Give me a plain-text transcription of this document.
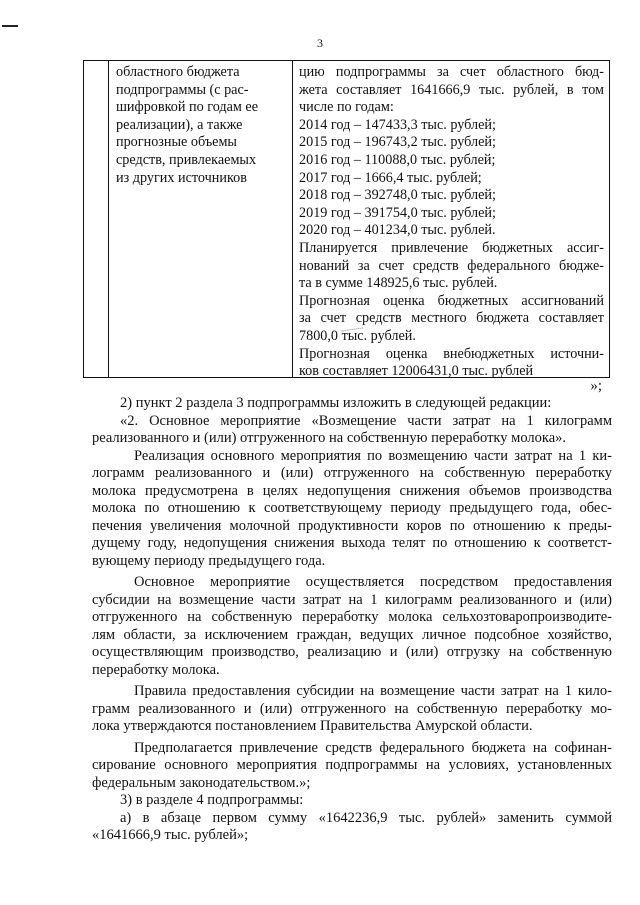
3
областного бюджета
подпрограммы (с рас-
шифровкой по годам ее
реализации), а также
прогнозные объемы
средств, привлекаемых
из других источников
цию подпрограммы за счет областного бюд-
жета составляет 1641666,9 тыс. рублей, в том
числе по годам:
2014 год – 147433,3 тыс. рублей;
2015 год – 196743,2 тыс. рублей;
2016 год – 110088,0 тыс. рублей;
2017 год – 1666,4 тыс. рублей;
2018 год – 392748,0 тыс. рублей;
2019 год – 391754,0 тыс. рублей;
2020 год – 401234,0 тыс. рублей.
Планируется привлечение бюджетных ассиг-
нований за счет средств федерального бюдже-
та в сумме 148925,6 тыс. рублей.
Прогнозная оценка бюджетных ассигнований
за счет средств местного бюджета составляет
7800,0 тыс. рублей.
Прогнозная оценка внебюджетных источни-
ков составляет 12006431,0 тыс. рублей
»;
2) пункт 2 раздела 3 подпрограммы изложить в следующей редакции:
«2. Основное мероприятие «Возмещение части затрат на 1 килограмм
реализованного и (или) отгруженного на собственную переработку молока».
Реализация основного мероприятия по возмещению части затрат на 1 ки-
лограмм реализованного и (или) отгруженного на собственную переработку
молока предусмотрена в целях недопущения снижения объемов производства
молока по отношению к соответствующему периоду предыдущего года, обес-
печения увеличения молочной продуктивности коров по отношению к преды-
дущему году, недопущения снижения выхода телят по отношению к соответст-
вующему периоду предыдущего года.
Основное мероприятие осуществляется посредством предоставления
субсидии на возмещение части затрат на 1 килограмм реализованного и (или)
отгруженного на собственную переработку молока сельхозтоваропроизводите-
лям области, за исключением граждан, ведущих личное подсобное хозяйство,
осуществляющим производство, реализацию и (или) отгрузку на собственную
переработку молока.
Правила предоставления субсидии на возмещение части затрат на 1 кило-
грамм реализованного и (или) отгруженного на собственную переработку мо-
лока утверждаются постановлением Правительства Амурской области.
Предполагается привлечение средств федерального бюджета на софинан-
сирование основного мероприятия подпрограммы на условиях, установленных
федеральным законодательством.»;
3) в разделе 4 подпрограммы:
а) в абзаце первом сумму «1642236,9 тыс. рублей» заменить суммой
«1641666,9 тыс. рублей»;
